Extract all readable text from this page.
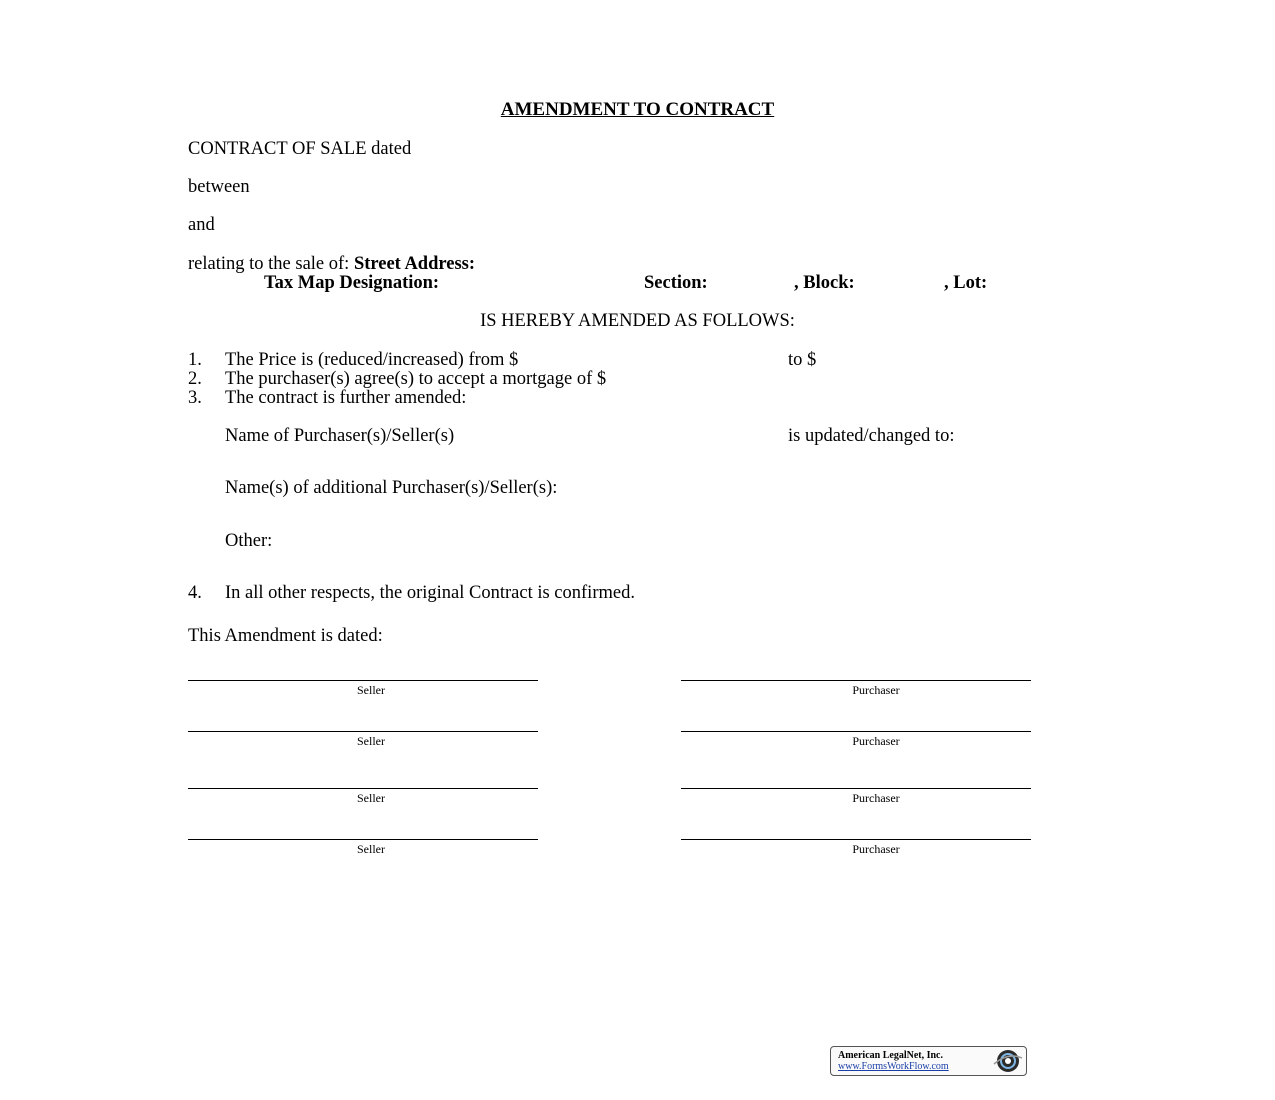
AMENDMENT TO CONTRACT
CONTRACT OF SALE dated
between
and
relating to the sale of: Street Address:
Tax Map Designation:	Section:	, Block:	, Lot:
IS HEREBY AMENDED AS FOLLOWS:
1. The Price is (reduced/increased) from $	to $
2. The purchaser(s) agree(s) to accept a mortgage of $
3. The contract is further amended:
Name of Purchaser(s)/Seller(s)	is updated/changed to:
Name(s) of additional Purchaser(s)/Seller(s):
Other:
4. In all other respects, the original Contract is confirmed.
This Amendment is dated:
Seller	Purchaser
Seller	Purchaser
Seller	Purchaser
Seller	Purchaser
American LegalNet, Inc.
www.FormsWorkFlow.com
